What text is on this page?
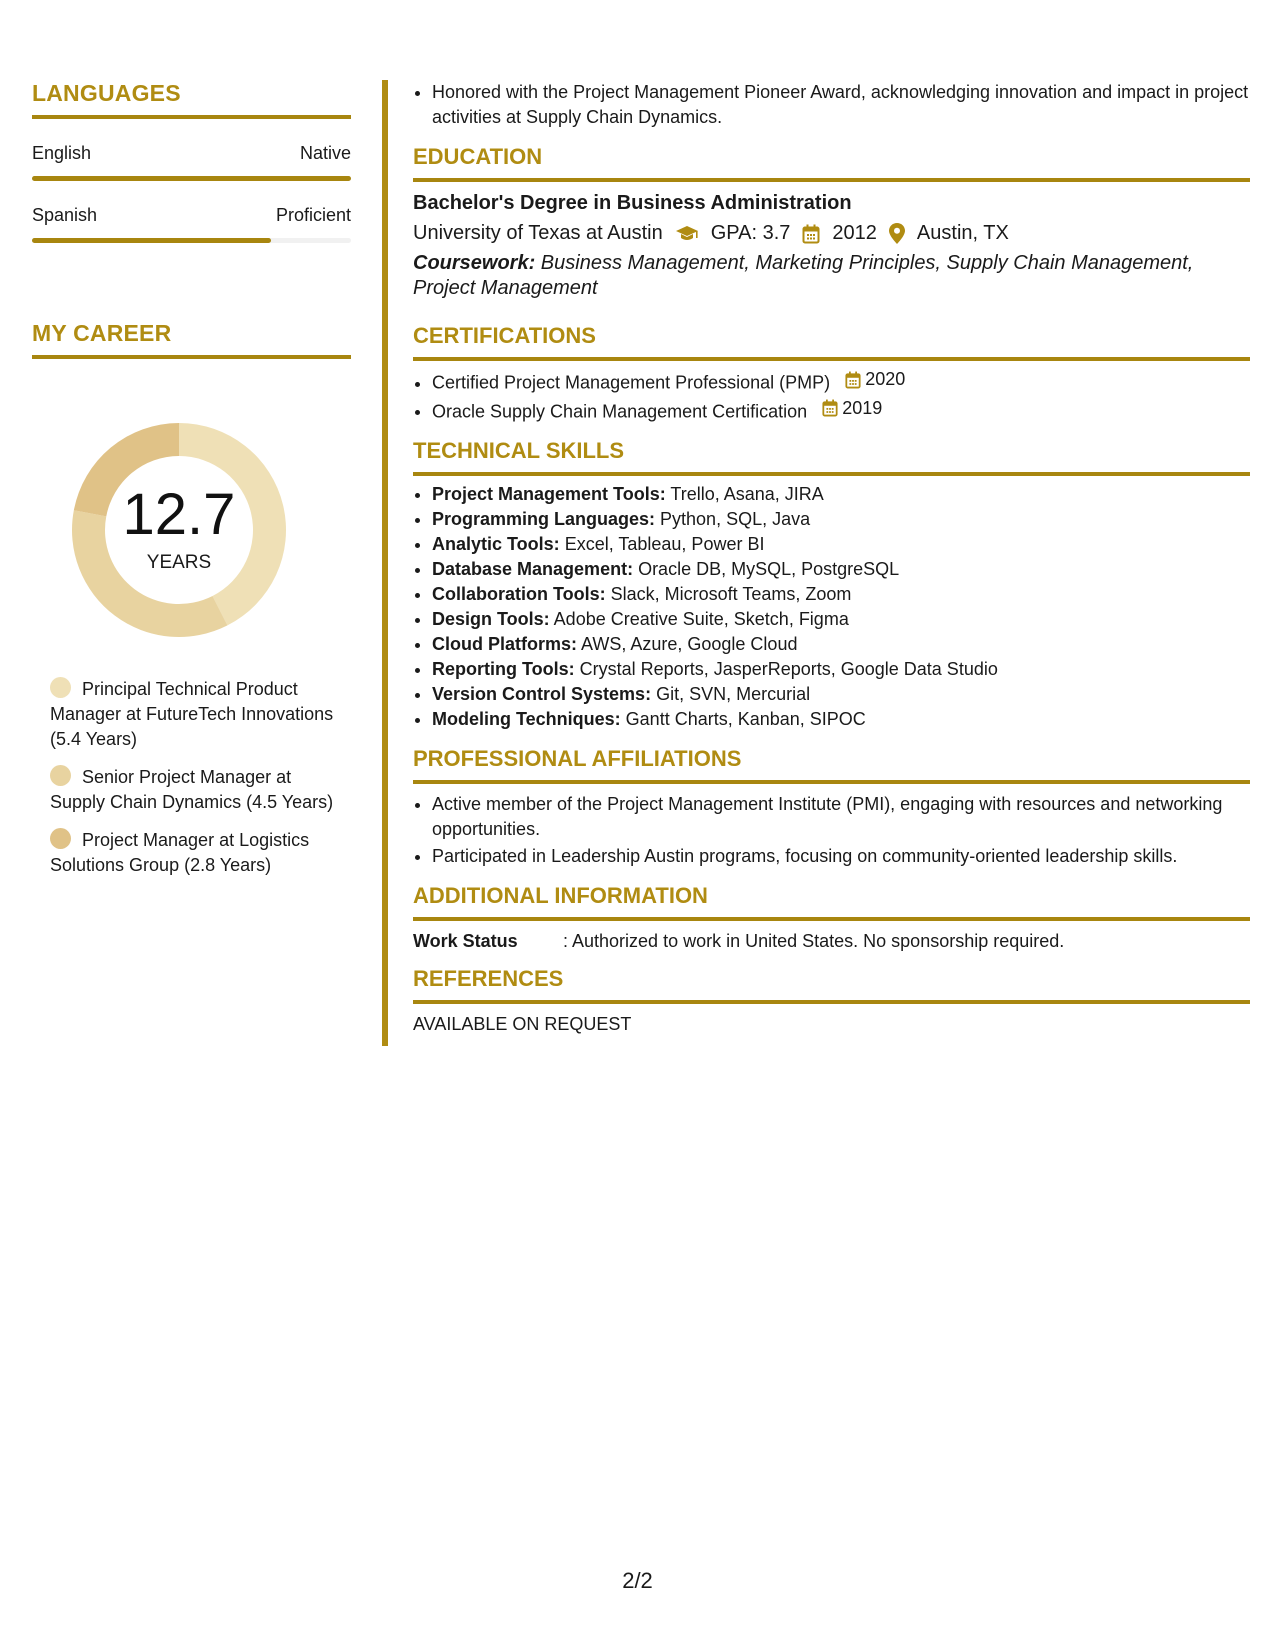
LANGUAGES
English	Native
Spanish	Proficient
MY CAREER
12.7
YEARS
Principal Technical Product Manager at FutureTech Innovations (5.4 Years)
Senior Project Manager at Supply Chain Dynamics (4.5 Years)
Project Manager at Logistics Solutions Group (2.8 Years)
• Honored with the Project Management Pioneer Award, acknowledging innovation and impact in project activities at Supply Chain Dynamics.
EDUCATION
Bachelor's Degree in Business Administration
University of Texas at Austin GPA: 3.7 2012 Austin, TX
Coursework: Business Management, Marketing Principles, Supply Chain Management, Project Management
CERTIFICATIONS
• Certified Project Management Professional (PMP) 2020
• Oracle Supply Chain Management Certification 2019
TECHNICAL SKILLS
• Project Management Tools: Trello, Asana, JIRA
• Programming Languages: Python, SQL, Java
• Analytic Tools: Excel, Tableau, Power BI
• Database Management: Oracle DB, MySQL, PostgreSQL
• Collaboration Tools: Slack, Microsoft Teams, Zoom
• Design Tools: Adobe Creative Suite, Sketch, Figma
• Cloud Platforms: AWS, Azure, Google Cloud
• Reporting Tools: Crystal Reports, JasperReports, Google Data Studio
• Version Control Systems: Git, SVN, Mercurial
• Modeling Techniques: Gantt Charts, Kanban, SIPOC
PROFESSIONAL AFFILIATIONS
• Active member of the Project Management Institute (PMI), engaging with resources and networking opportunities.
• Participated in Leadership Austin programs, focusing on community-oriented leadership skills.
ADDITIONAL INFORMATION
Work Status	: Authorized to work in United States. No sponsorship required.
REFERENCES
AVAILABLE ON REQUEST
2/2
